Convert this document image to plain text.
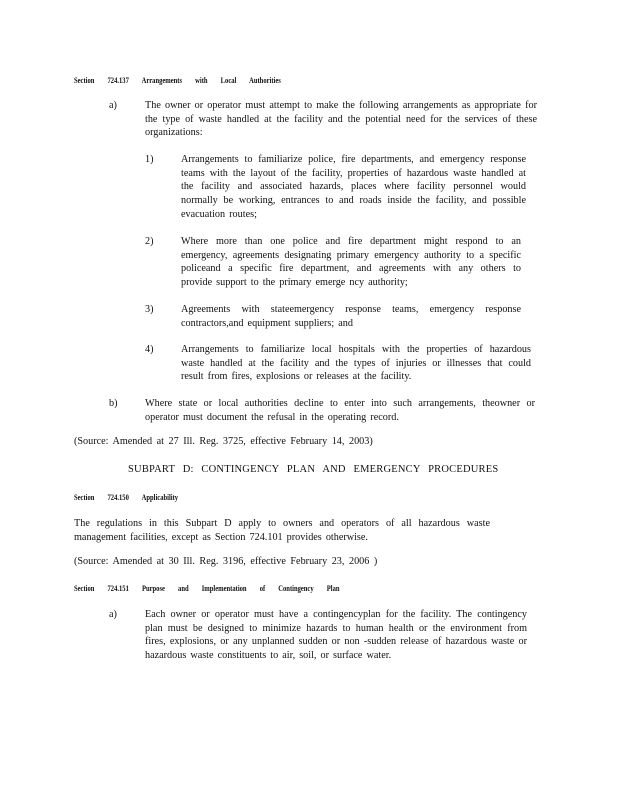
Section 724.137 Arrangements with Local Authorities
a)	The owner or operator must attempt to make the following arrangements as appropriate for the type of waste handled at the facility and the potential need for the services of these organizations:
1)	Arrangements to familiarize police, fire departments, and emergency response teams with the layout of the facility, properties of hazardous waste handled at the facility and associated hazards, places where facility personnel would normally be working, entrances to and roads inside the facility, and possible evacuation routes;
2)	Where more than one police and fire department might respond to an emergency, agreements designating primary emergency authority to a specific policeand a specific fire department, and agreements with any others to provide support to the primary emerge ncy authority;
3)	Agreements with stateemergency response teams, emergency response contractors,and equipment suppliers; and
4)	Arrangements to familiarize local hospitals with the properties of hazardous waste handled at the facility and the types of injuries or illnesses that could result from fires, explosions or releases at the facility.
b)	Where state or local authorities decline to enter into such arrangements, theowner or operator must document the refusal in the operating record.
(Source: Amended at 27 Ill. Reg. 3725, effective February 14, 2003)
SUBPART D: CONTINGENCY PLAN AND EMERGENCY PROCEDURES
Section 724.150 Applicability
The regulations in this Subpart D apply to owners and operators of all hazardous waste management facilities, except as Section 724.101 provides otherwise.
(Source: Amended at 30 Ill. Reg. 3196, effective February 23, 2006 )
Section 724.151 Purpose and Implementation of Contingency Plan
a)	Each owner or operator must have a contingencyplan for the facility. The contingency plan must be designed to minimize hazards to human health or the environment from fires, explosions, or any unplanned sudden or non -sudden release of hazardous waste or hazardous waste constituents to air, soil, or surface water.
